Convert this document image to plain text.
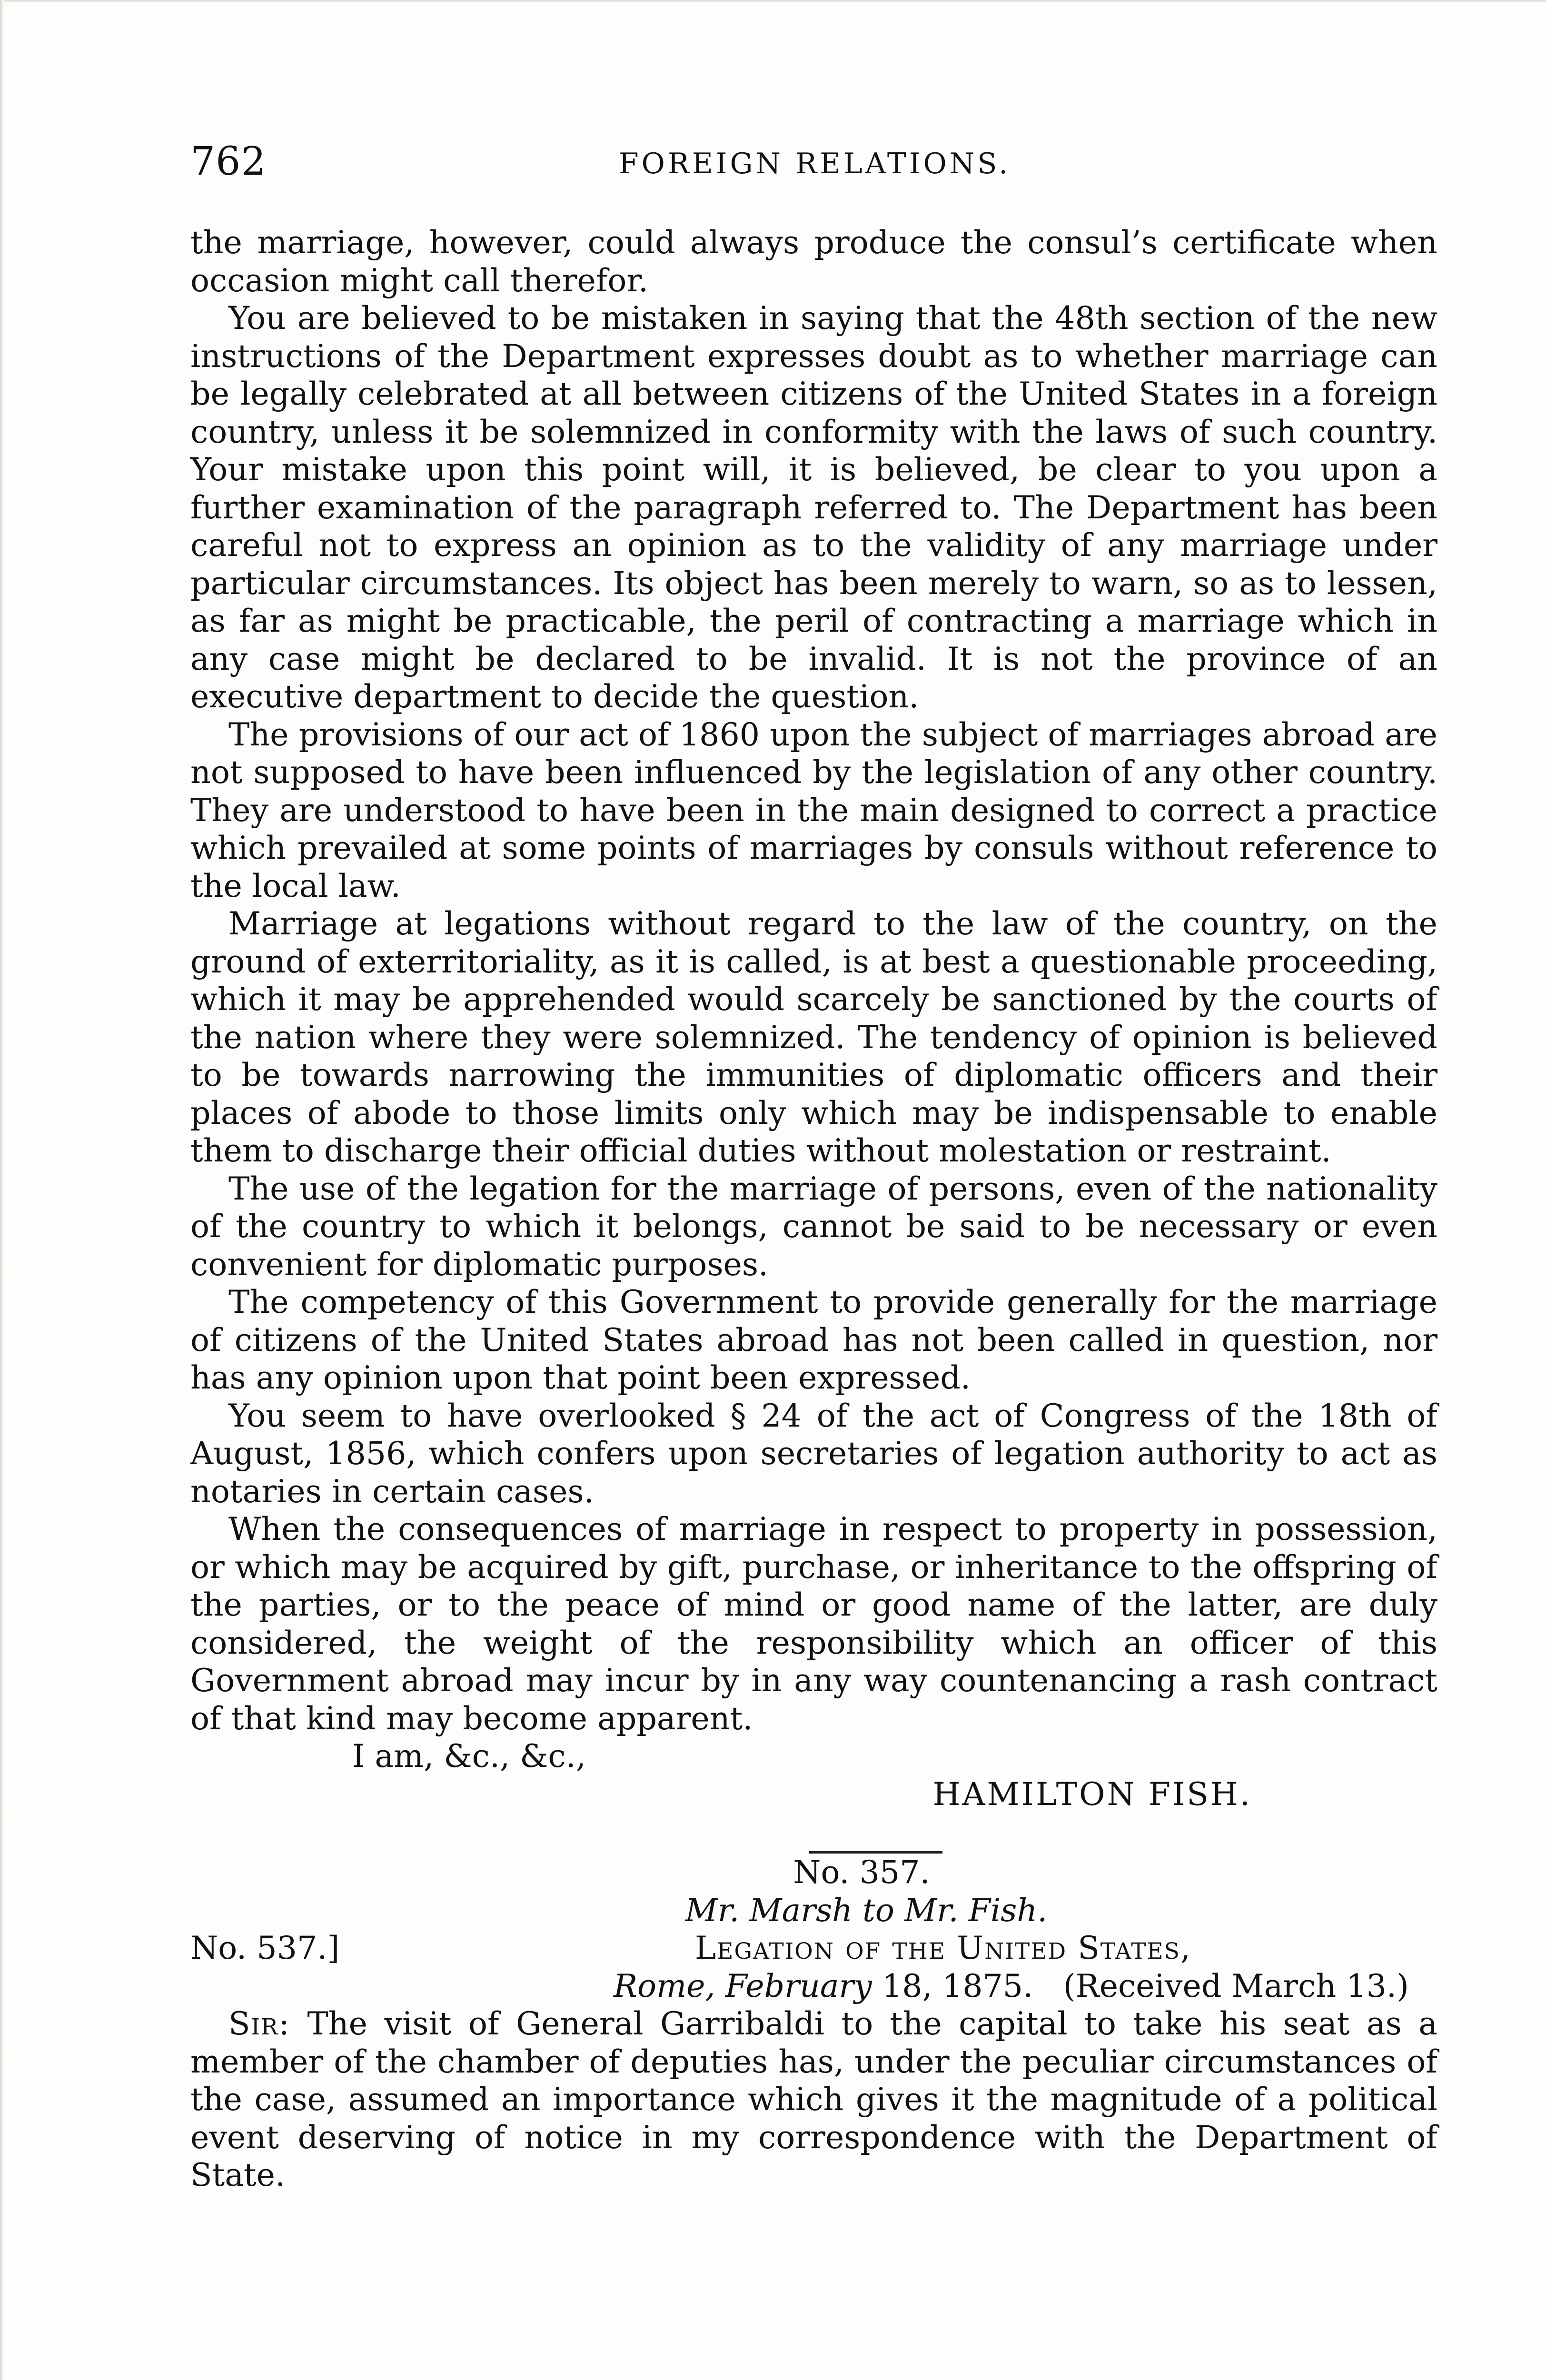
762	FOREIGN RELATIONS.

the marriage, however, could always produce the consul’s certificate when occasion might call therefor.

You are believed to be mistaken in saying that the 48th section of the new instructions of the Department expresses doubt as to whether marriage can be legally celebrated at all between citizens of the United States in a foreign country, unless it be solemnized in conformity with the laws of such country. Your mistake upon this point will, it is believed, be clear to you upon a further examination of the paragraph referred to. The Department has been careful not to express an opinion as to the validity of any marriage under particular circumstances. Its object has been merely to warn, so as to lessen, as far as might be practicable, the peril of contracting a marriage which in any case might be declared to be invalid. It is not the province of an executive department to decide the question.

The provisions of our act of 1860 upon the subject of marriages abroad are not supposed to have been influenced by the legislation of any other country. They are understood to have been in the main designed to correct a practice which prevailed at some points of marriages by consuls without reference to the local law.

Marriage at legations without regard to the law of the country, on the ground of exterritoriality, as it is called, is at best a questionable proceeding, which it may be apprehended would scarcely be sanctioned by the courts of the nation where they were solemnized. The tendency of opinion is believed to be towards narrowing the immunities of diplomatic officers and their places of abode to those limits only which may be indispensable to enable them to discharge their official duties without molestation or restraint.

The use of the legation for the marriage of persons, even of the nationality of the country to which it belongs, cannot be said to be necessary or even convenient for diplomatic purposes.

The competency of this Government to provide generally for the marriage of citizens of the United States abroad has not been called in question, nor has any opinion upon that point been expressed.

You seem to have overlooked § 24 of the act of Congress of the 18th of August, 1856, which confers upon secretaries of legation authority to act as notaries in certain cases.

When the consequences of marriage in respect to property in possession, or which may be acquired by gift, purchase, or inheritance to the offspring of the parties, or to the peace of mind or good name of the latter, are duly considered, the weight of the responsibility which an officer of this Government abroad may incur by in any way countenancing a rash contract of that kind may become apparent.

I am, &c., &c.,

HAMILTON FISH.

No. 357.

Mr. Marsh to Mr. Fish.

No. 537.]	Legation of the United States,

Rome, February 18, 1875. (Received March 13.)

Sir: The visit of General Garribaldi to the capital to take his seat as a member of the chamber of deputies has, under the peculiar circumstances of the case, assumed an importance which gives it the magnitude of a political event deserving of notice in my correspondence with the Department of State.
